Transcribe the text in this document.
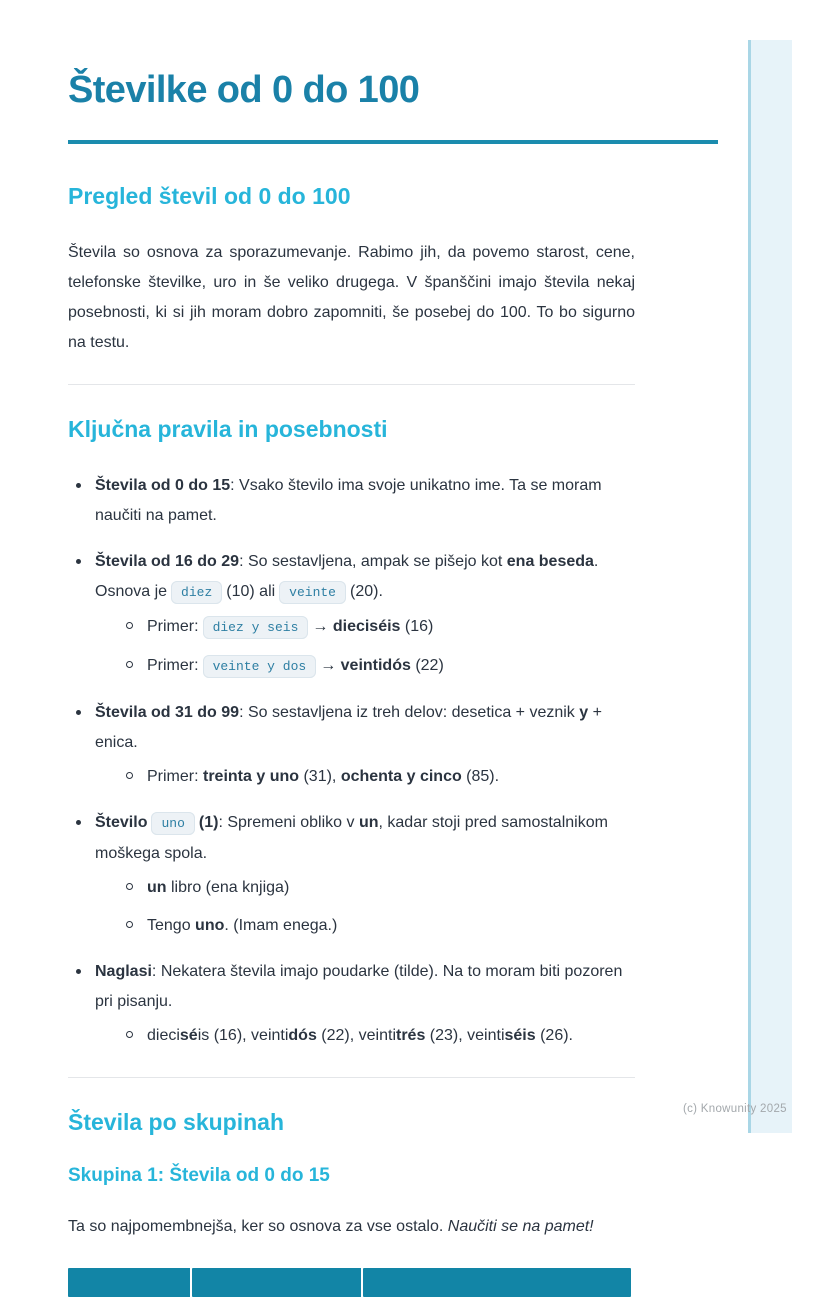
Številke od 0 do 100
Pregled števil od 0 do 100

Števila so osnova za sporazumevanje. Rabimo jih, da povemo starost, cene, telefonske številke, uro in še veliko drugega. V španščini imajo števila nekaj posebnosti, ki si jih moram dobro zapomniti, še posebej do 100. To bo sigurno na testu.

Ključna pravila in posebnosti
Števila od 0 do 15: Vsako število ima svoje unikatno ime. Ta se moram naučiti na pamet.
Števila od 16 do 29: So sestavljena, ampak se pišejo kot ena beseda. Osnova je diez (10) ali veinte (20).
Primer: diez y seis → dieciséis (16)
Primer: veinte y dos → veintidós (22)
Števila od 31 do 99: So sestavljena iz treh delov: desetica + veznik y + enica.
Primer: treinta y uno (31), ochenta y cinco (85).
Število uno (1): Spremeni obliko v un, kadar stoji pred samostalnikom moškega spola.
un libro (ena knjiga)
Tengo uno. (Imam enega.)
Naglasi: Nekatera števila imajo poudarke (tilde). Na to moram biti pozoren pri pisanju.
dieciséis (16), veintidós (22), veintitrés (23), veintiséis (26).
Števila po skupinah
Skupina 1: Števila od 0 do 15

Ta so najpomembnejša, ker so osnova za vse ostalo. Naučiti se na pamet!

(c) Knowunity 2025
